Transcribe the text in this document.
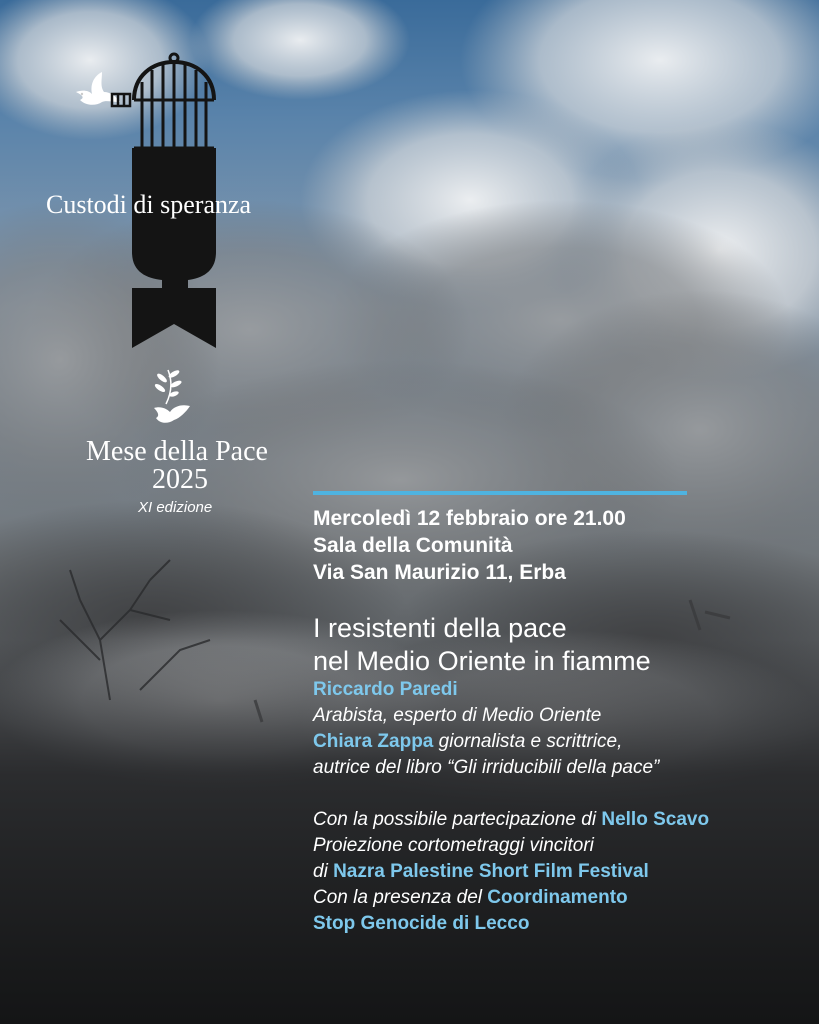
Custodi di speranza
Mese della Pace
2025
XI edizione	Mercoledì 12 febbraio ore 21.00
Sala della Comunità
Via San Maurizio 11, Erba
I resistenti della pace
nel Medio Oriente in fiamme
Riccardo Paredi
Arabista, esperto di Medio Oriente
Chiara Zappa giornalista e scrittrice,
autrice del libro “Gli irriducibili della pace”
Con la possibile partecipazione di Nello Scavo
Proiezione cortometraggi vincitori
di Nazra Palestine Short Film Festival
Con la presenza del Coordinamento
Stop Genocide di Lecco
